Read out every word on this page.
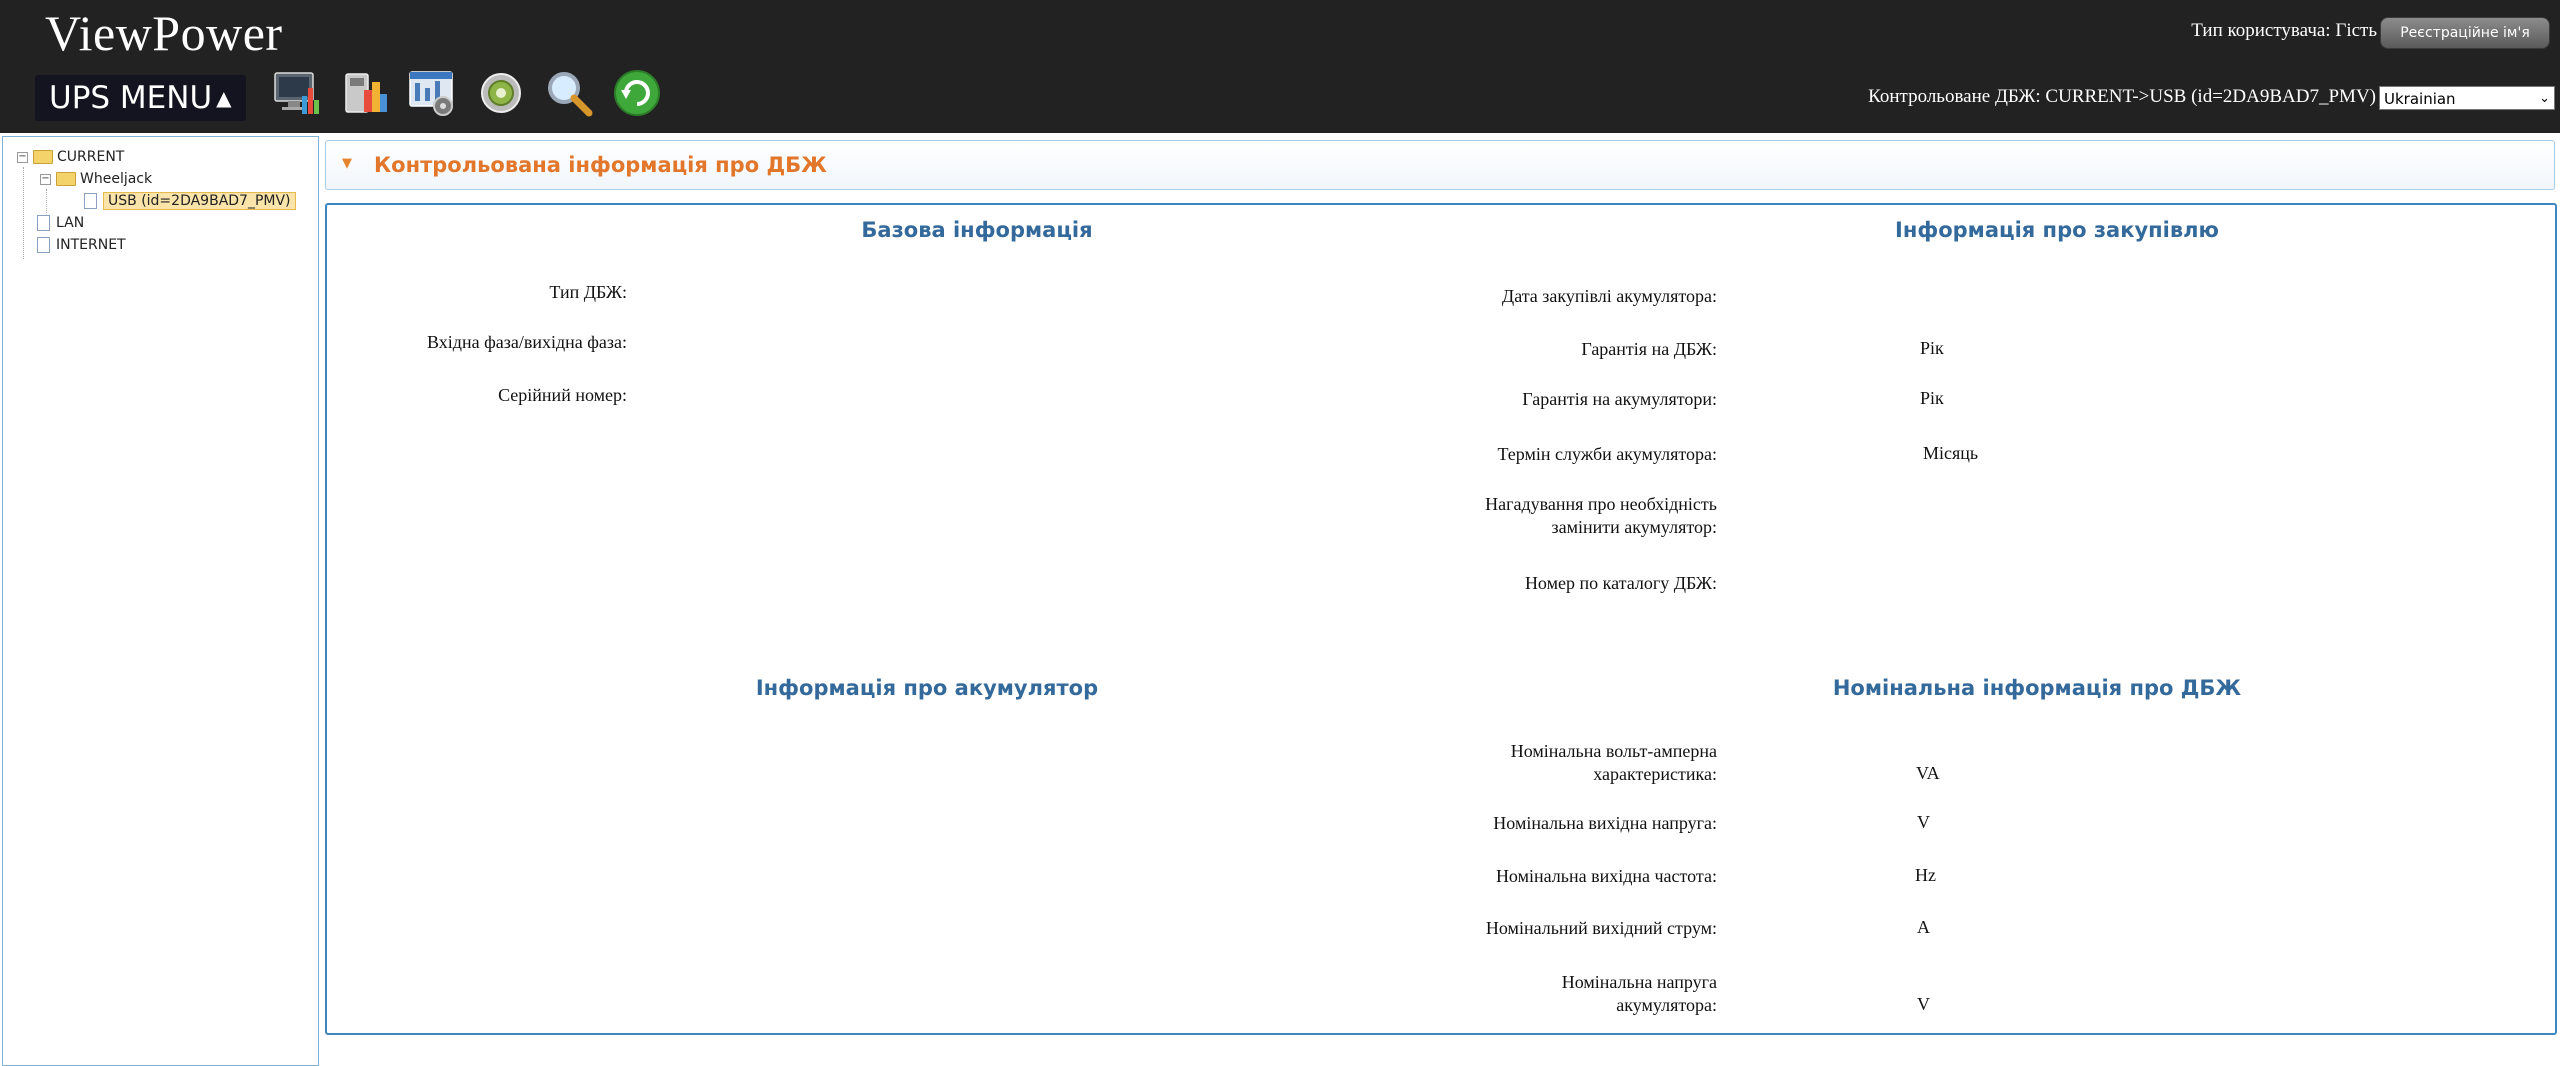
ViewPower
UPS MENU ▲
Тип користувача: Гість	Реєстраційне ім'я
Контрольоване ДБЖ: CURRENT->USB (id=2DA9BAD7_PMV) Ukrainian	⌄
− CURRENT
− Wheeljack
USB (id=2DA9BAD7_PMV)
LAN
INTERNET
▼ Контрольована інформація про ДБЖ
Базова інформація
Тип ДБЖ:
Вхідна фаза/вихідна фаза:
Серійний номер:
Інформація про закупівлю
Дата закупівлі акумулятора:
Гарантія на ДБЖ:	Рік
Гарантія на акумулятори:	Рік
Термін служби акумулятора:	Місяць
Нагадування про необхідність
замінити акумулятор:
Номер по каталогу ДБЖ:
Інформація про акумулятор	Номінальна інформація про ДБЖ
Номінальна вольт-амперна
характеристика:	VA
Номінальна вихідна напруга:	V
Номінальна вихідна частота:	Hz
Номінальний вихідний струм:	A
Номінальна напруга
акумулятора:	V
